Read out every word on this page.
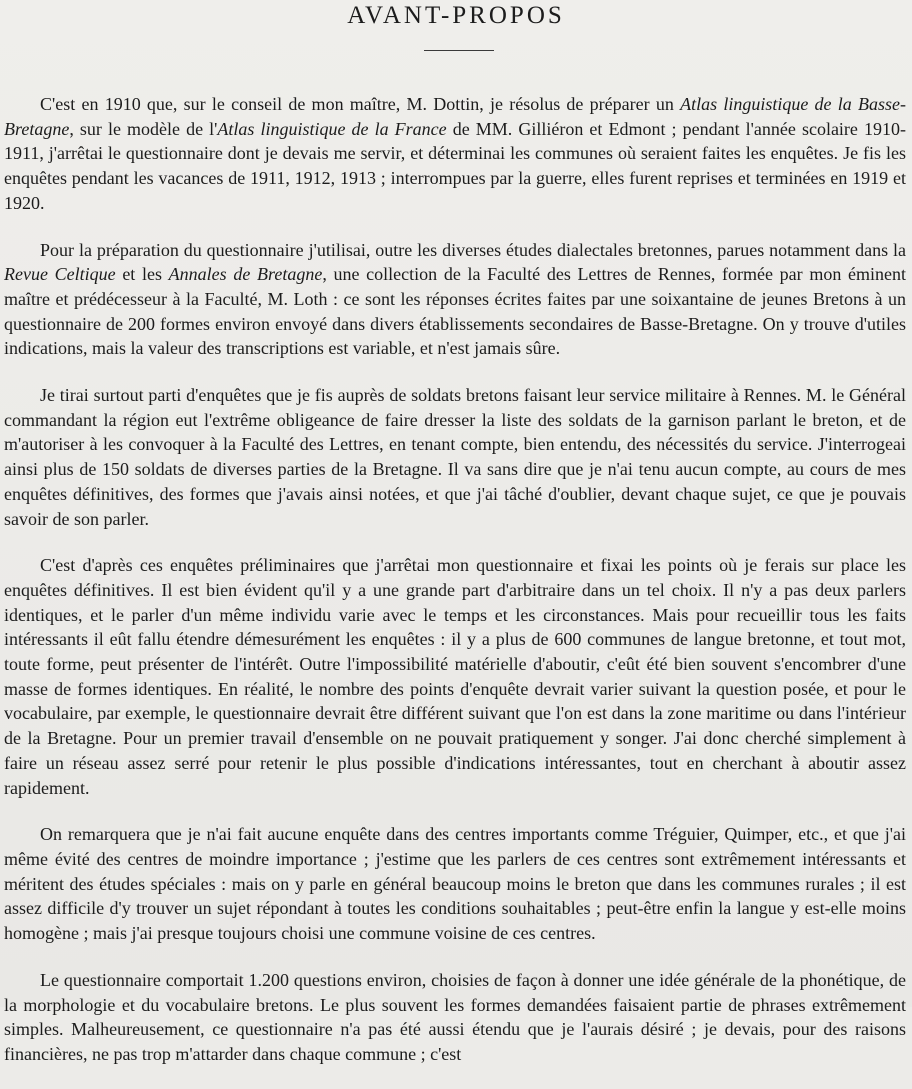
AVANT-PROPOS

C'est en 1910 que, sur le conseil de mon maître, M. Dottin, je résolus de préparer un Atlas linguistique de la Basse-Bretagne, sur le modèle de l'Atlas linguistique de la France de MM. Gilliéron et Edmont ; pendant l'année scolaire 1910-1911, j'arrêtai le questionnaire dont je devais me servir, et déterminai les communes où seraient faites les enquêtes. Je fis les enquêtes pendant les vacances de 1911, 1912, 1913 ; interrompues par la guerre, elles furent reprises et terminées en 1919 et 1920.

Pour la préparation du questionnaire j'utilisai, outre les diverses études dialectales bretonnes, parues notamment dans la Revue Celtique et les Annales de Bretagne, une collection de la Faculté des Lettres de Rennes, formée par mon éminent maître et prédécesseur à la Faculté, M. Loth : ce sont les réponses écrites faites par une soixantaine de jeunes Bretons à un questionnaire de 200 formes environ envoyé dans divers établissements secondaires de Basse-Bretagne. On y trouve d'utiles indications, mais la valeur des transcriptions est variable, et n'est jamais sûre.

Je tirai surtout parti d'enquêtes que je fis auprès de soldats bretons faisant leur service militaire à Rennes. M. le Général commandant la région eut l'extrême obligeance de faire dresser la liste des soldats de la garnison parlant le breton, et de m'autoriser à les convoquer à la Faculté des Lettres, en tenant compte, bien entendu, des nécessités du service. J'interrogeai ainsi plus de 150 soldats de diverses parties de la Bretagne. Il va sans dire que je n'ai tenu aucun compte, au cours de mes enquêtes définitives, des formes que j'avais ainsi notées, et que j'ai tâché d'oublier, devant chaque sujet, ce que je pouvais savoir de son parler.

C'est d'après ces enquêtes préliminaires que j'arrêtai mon questionnaire et fixai les points où je ferais sur place les enquêtes définitives. Il est bien évident qu'il y a une grande part d'arbitraire dans un tel choix. Il n'y a pas deux parlers identiques, et le parler d'un même individu varie avec le temps et les circonstances. Mais pour recueillir tous les faits intéressants il eût fallu étendre démesurément les enquêtes : il y a plus de 600 communes de langue bretonne, et tout mot, toute forme, peut présenter de l'intérêt. Outre l'impossibilité matérielle d'aboutir, c'eût été bien souvent s'encombrer d'une masse de formes identiques. En réalité, le nombre des points d'enquête devrait varier suivant la question posée, et pour le vocabulaire, par exemple, le questionnaire devrait être différent suivant que l'on est dans la zone maritime ou dans l'intérieur de la Bretagne. Pour un premier travail d'ensemble on ne pouvait pratiquement y songer. J'ai donc cherché simplement à faire un réseau assez serré pour retenir le plus possible d'indications intéressantes, tout en cherchant à aboutir assez rapidement.

On remarquera que je n'ai fait aucune enquête dans des centres importants comme Tréguier, Quimper, etc., et que j'ai même évité des centres de moindre importance ; j'estime que les parlers de ces centres sont extrêmement intéressants et méritent des études spéciales : mais on y parle en général beaucoup moins le breton que dans les communes rurales ; il est assez difficile d'y trouver un sujet répondant à toutes les conditions souhaitables ; peut-être enfin la langue y est-elle moins homogène ; mais j'ai presque toujours choisi une commune voisine de ces centres.

Le questionnaire comportait 1.200 questions environ, choisies de façon à donner une idée générale de la phonétique, de la morphologie et du vocabulaire bretons. Le plus souvent les formes demandées faisaient partie de phrases extrêmement simples. Malheureusement, ce questionnaire n'a pas été aussi étendu que je l'aurais désiré ; je devais, pour des raisons financières, ne pas trop m'attarder dans chaque commune ; c'est
